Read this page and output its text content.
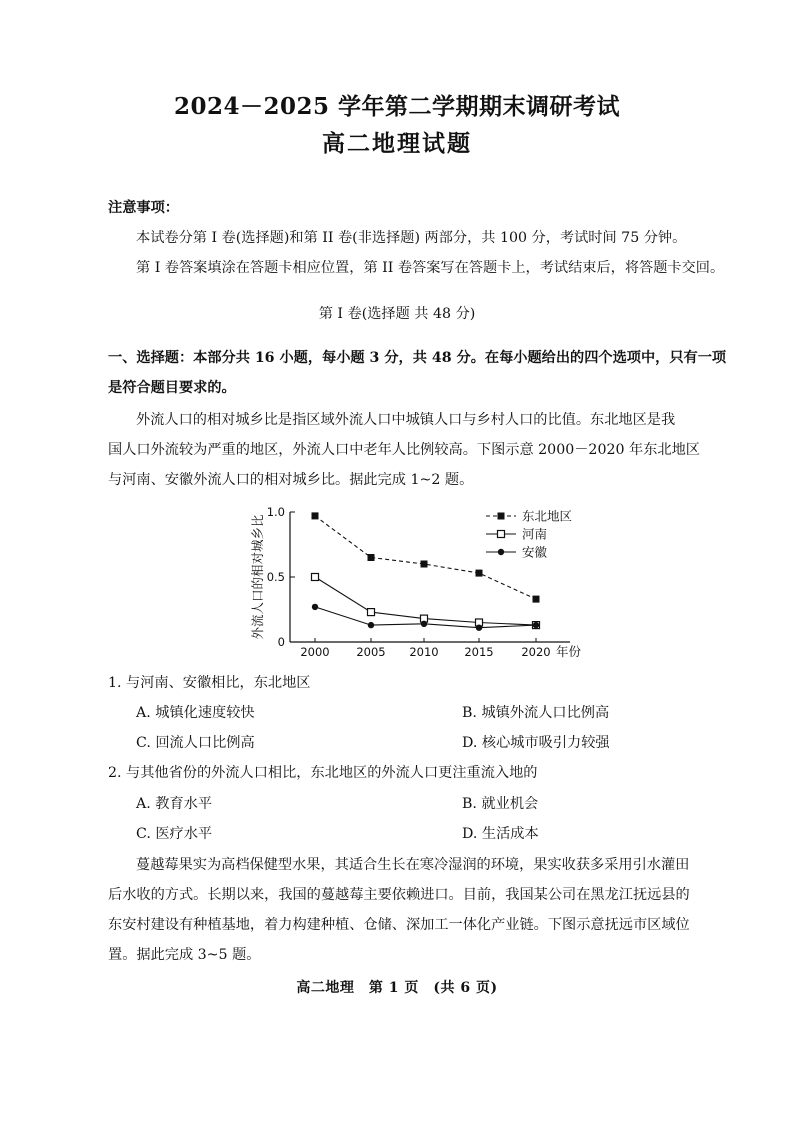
2024－2025 学年第二学期期末调研考试
高二地理试题
注意事项：
本试卷分第 I 卷(选择题)和第 II 卷(非选择题) 两部分，共 100 分，考试时间 75 分钟。
第 I 卷答案填涂在答题卡相应位置，第 II 卷答案写在答题卡上，考试结束后，将答题卡交回。
第 I 卷(选择题 共 48 分)
一、选择题：本部分共 16 小题，每小题 3 分，共 48 分。在每小题给出的四个选项中，只有一项
是符合题目要求的。
外流人口的相对城乡比是指区域外流人口中城镇人口与乡村人口的比值。东北地区是我
国人口外流较为严重的地区，外流人口中老年人比例较高。下图示意 2000－2020 年东北地区
与河南、安徽外流人口的相对城乡比。据此完成 1~2 题。
0
0.5
1.0
外流人口的相对城乡比
2000 2005 2010 2015 2020 年份
东北地区
河南
安徽
1. 与河南、安徽相比，东北地区
A. 城镇化速度较快	B. 城镇外流人口比例高
C. 回流人口比例高	D. 核心城市吸引力较强
2. 与其他省份的外流人口相比，东北地区的外流人口更注重流入地的
A. 教育水平	B. 就业机会
C. 医疗水平	D. 生活成本
蔓越莓果实为高档保健型水果，其适合生长在寒冷湿润的环境，果实收获多采用引水灌田
后水收的方式。长期以来，我国的蔓越莓主要依赖进口。目前，我国某公司在黑龙江抚远县的
东安村建设有种植基地，着力构建种植、仓储、深加工一体化产业链。下图示意抚远市区域位
置。据此完成 3~5 题。
高二地理　第 1 页　(共 6 页)
